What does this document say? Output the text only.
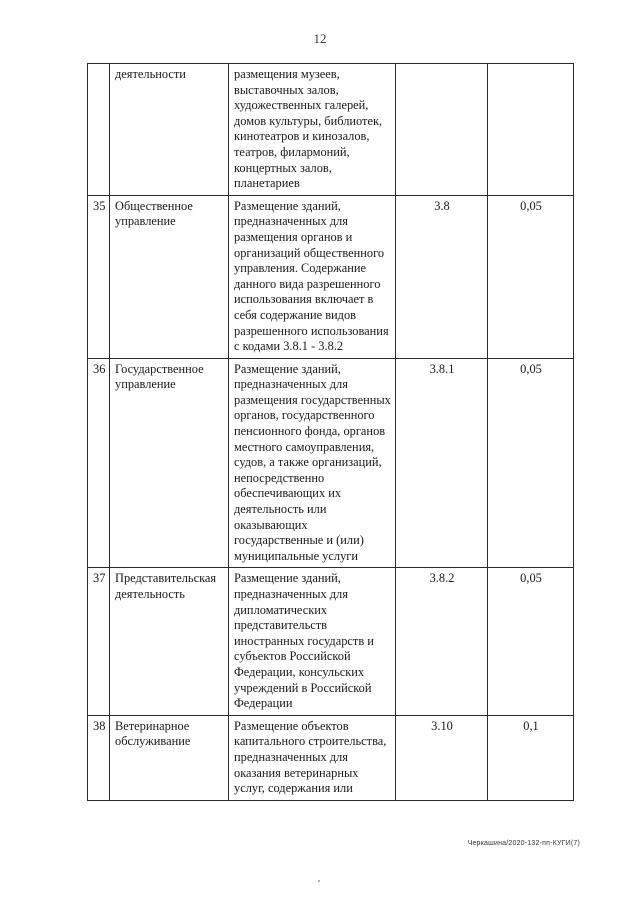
12
	деятельности	размещения музеев, выставочных залов, художественных галерей, домов культуры, библиотек, кинотеатров и кинозалов, театров, филармоний, концертных залов, планетариев		
35	Общественное управление	Размещение зданий, предназначенных для размещения органов и организаций общественного управления. Содержание данного вида разрешенного использования включает в себя содержание видов разрешенного использования с кодами 3.8.1 - 3.8.2	3.8	0,05
36	Государственное управление	Размещение зданий, предназначенных для размещения государственных органов, государственного пенсионного фонда, органов местного самоуправления, судов, а также организаций, непосредственно обеспечивающих их деятельность или оказывающих государственные и (или) муниципальные услуги	3.8.1	0,05
37	Представительская деятельность	Размещение зданий, предназначенных для дипломатических представительств иностранных государств и субъектов Российской Федерации, консульских учреждений в Российской Федерации	3.8.2	0,05
38	Ветеринарное обслуживание	Размещение объектов капитального строительства, предназначенных для оказания ветеринарных услуг, содержания или	3.10	0,1
Черкашина/2020-132-пп-КУГИ(7)
